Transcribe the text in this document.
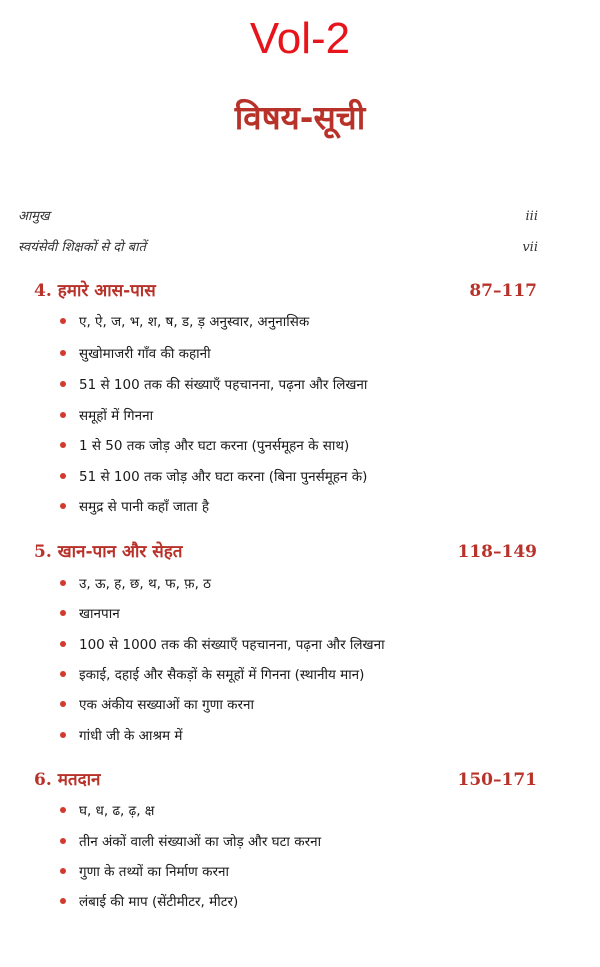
Vol-2
विषय-सूची
आमुख	iii
स्वयंसेवी शिक्षकों से दो बातें	vii
4. हमारे आस-पास	87–117
ए, ऐ, ज, भ, श, ष, ड, ड़ अनुस्वार, अनुनासिक
सुखोमाजरी गाँव की कहानी
51 से 100 तक की संख्याएँ पहचानना, पढ़ना और लिखना
समूहों में गिनना
1 से 50 तक जोड़ और घटा करना (पुनर्समूहन के साथ)
51 से 100 तक जोड़ और घटा करना (बिना पुनर्समूहन के)
समुद्र से पानी कहाँ जाता है
5. खान-पान और सेहत	118–149
उ, ऊ, ह, छ, थ, फ, फ़, ठ
खानपान
100 से 1000 तक की संख्याएँ पहचानना, पढ़ना और लिखना
इकाई, दहाई और सैकड़ों के समूहों में गिनना (स्थानीय मान)
एक अंकीय सख्याओं का गुणा करना
गांधी जी के आश्रम में
6. मतदान	150–171
घ, ध, ढ, ढ़, क्ष
तीन अंकों वाली संख्याओं का जोड़ और घटा करना
गुणा के तथ्यों का निर्माण करना
लंबाई की माप (सेंटीमीटर, मीटर)
